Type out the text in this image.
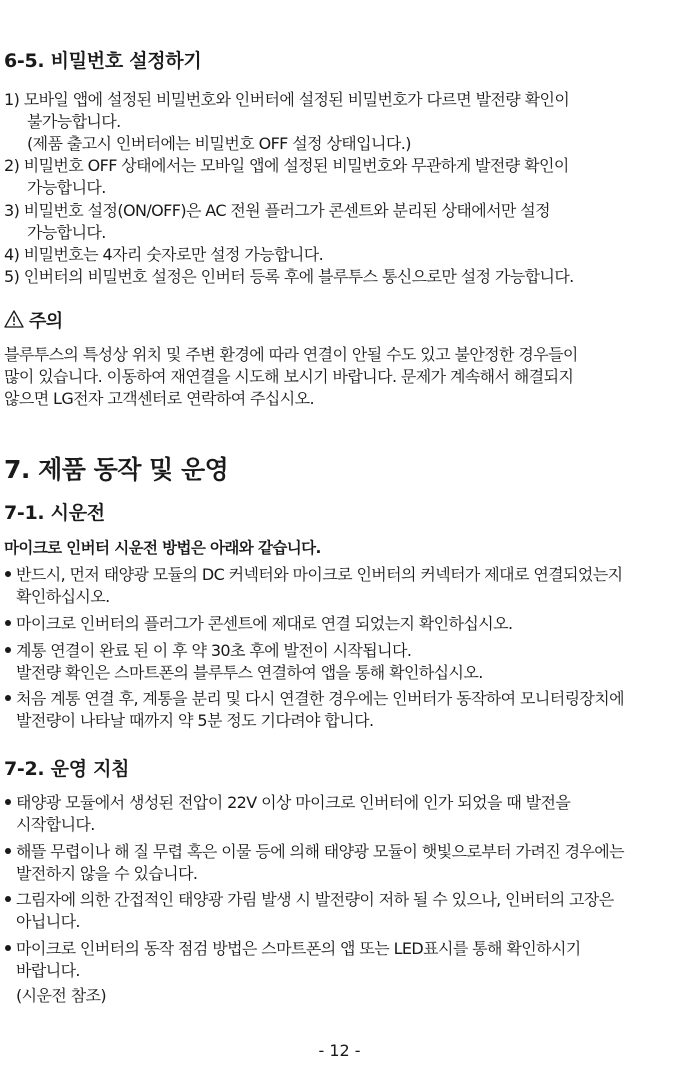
6-5. 비밀번호 설정하기
1) 모바일 앱에 설정된 비밀번호와 인버터에 설정된 비밀번호가 다르면 발전량 확인이
불가능합니다.
(제품 출고시 인버터에는 비밀번호 OFF 설정 상태입니다.)
2) 비밀번호 OFF 상태에서는 모바일 앱에 설정된 비밀번호와 무관하게 발전량 확인이
가능합니다.
3) 비밀번호 설정(ON/OFF)은 AC 전원 플러그가 콘센트와 분리된 상태에서만 설정
가능합니다.
4) 비밀번호는 4자리 숫자로만 설정 가능합니다.
5) 인버터의 비밀번호 설정은 인버터 등록 후에 블루투스 통신으로만 설정 가능합니다.
주의
블루투스의 특성상 위치 및 주변 환경에 따라 연결이 안될 수도 있고 불안정한 경우들이
많이 있습니다. 이동하여 재연결을 시도해 보시기 바랍니다. 문제가 계속해서 해결되지
않으면 LG전자 고객센터로 연락하여 주십시오.
7. 제품 동작 및 운영
7-1. 시운전
마이크로 인버터 시운전 방법은 아래와 같습니다.
반드시, 먼저 태양광 모듈의 DC 커넥터와 마이크로 인버터의 커넥터가 제대로 연결되었는지
확인하십시오.
마이크로 인버터의 플러그가 콘센트에 제대로 연결 되었는지 확인하십시오.
계통 연결이 완료 된 이 후 약 30초 후에 발전이 시작됩니다.
발전량 확인은 스마트폰의 블루투스 연결하여 앱을 통해 확인하십시오.
처음 계통 연결 후, 계통을 분리 및 다시 연결한 경우에는 인버터가 동작하여 모니터링장치에
발전량이 나타날 때까지 약 5분 정도 기다려야 합니다.
7-2. 운영 지침
태양광 모듈에서 생성된 전압이 22V 이상 마이크로 인버터에 인가 되었을 때 발전을
시작합니다.
해뜰 무렵이나 해 질 무렵 혹은 이물 등에 의해 태양광 모듈이 햇빛으로부터 가려진 경우에는
발전하지 않을 수 있습니다.
그림자에 의한 간접적인 태양광 가림 발생 시 발전량이 저하 될 수 있으나, 인버터의 고장은
아닙니다.
마이크로 인버터의 동작 점검 방법은 스마트폰의 앱 또는 LED표시를 통해 확인하시기
바랍니다.
(시운전 참조)
- 12 -
